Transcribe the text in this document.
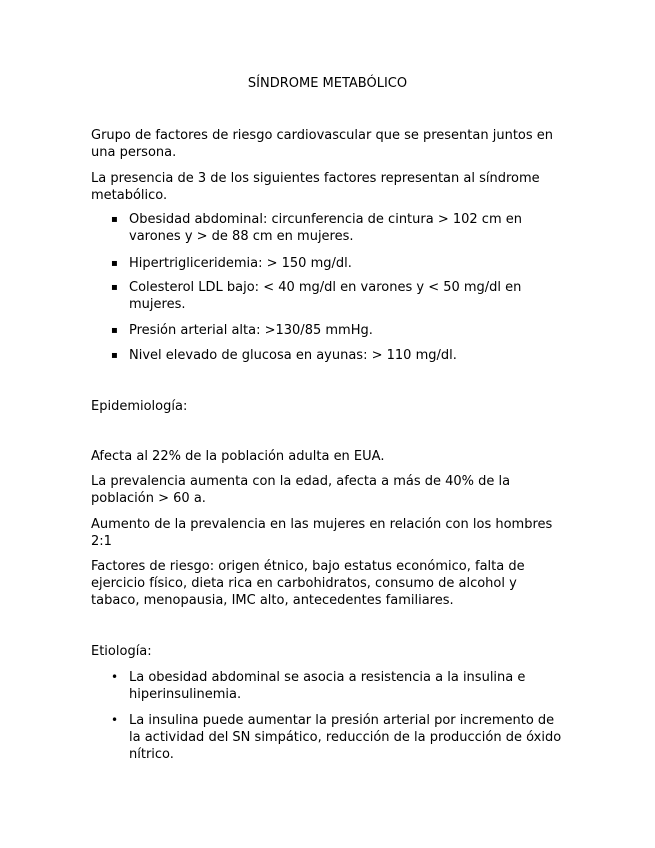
SÍNDROME METABÓLICO
Grupo de factores de riesgo cardiovascular que se presentan juntos en una persona.
La presencia de 3 de los siguientes factores representan al síndrome metabólico.
▪ Obesidad abdominal: circunferencia de cintura > 102 cm en varones y > de 88 cm en mujeres.
▪ Hipertrigliceridemia: > 150 mg/dl.
▪ Colesterol LDL bajo: < 40 mg/dl en varones y < 50 mg/dl en mujeres.
▪ Presión arterial alta: >130/85 mmHg.
▪ Nivel elevado de glucosa en ayunas: > 110 mg/dl.
Epidemiología:
Afecta al 22% de la población adulta en EUA.
La prevalencia aumenta con la edad, afecta a más de 40% de la población > 60 a.
Aumento de la prevalencia en las mujeres en relación con los hombres 2:1
Factores de riesgo: origen étnico, bajo estatus económico, falta de ejercicio físico, dieta rica en carbohidratos, consumo de alcohol y tabaco, menopausia, IMC alto, antecedentes familiares.
Etiología:
• La obesidad abdominal se asocia a resistencia a la insulina e hiperinsulinemia.
• La insulina puede aumentar la presión arterial por incremento de la actividad del SN simpático, reducción de la producción de óxido nítrico.
